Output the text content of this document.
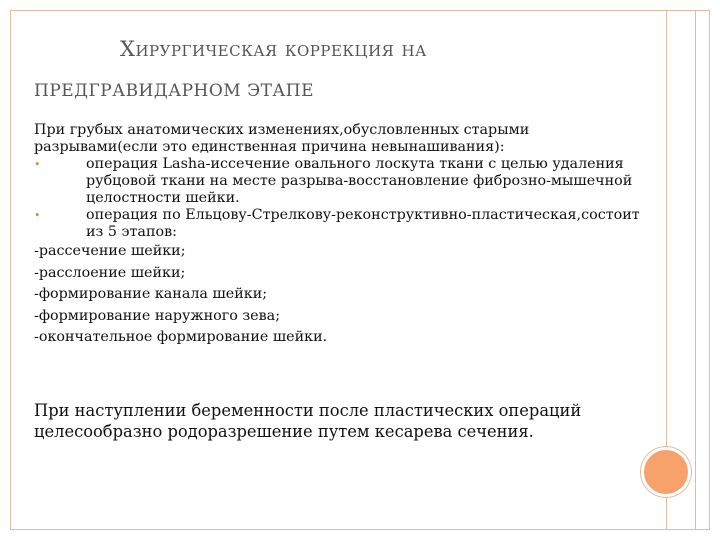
Хирургическая коррекция на
ПРЕДГРАВИДАРНОМ ЭТАПЕ

При грубых анатомических изменениях,обусловленных старыми разрывами(если это единственная причина невынашивания):

•	операция Lasha-иссечение овального лоскута ткани с целью удаления рубцовой ткани на месте разрыва-восстановление фиброзно-мышечной целостности шейки.

•	операция по Ельцову-Стрелкову-реконструктивно-пластическая,состоит из 5 этапов:

-рассечение шейки;

-расслоение шейки;

-формирование канала шейки;

-формирование наружного зева;

-окончательное формирование шейки.

При наступлении беременности после пластических операций целесообразно родоразрешение путем кесарева сечения.
